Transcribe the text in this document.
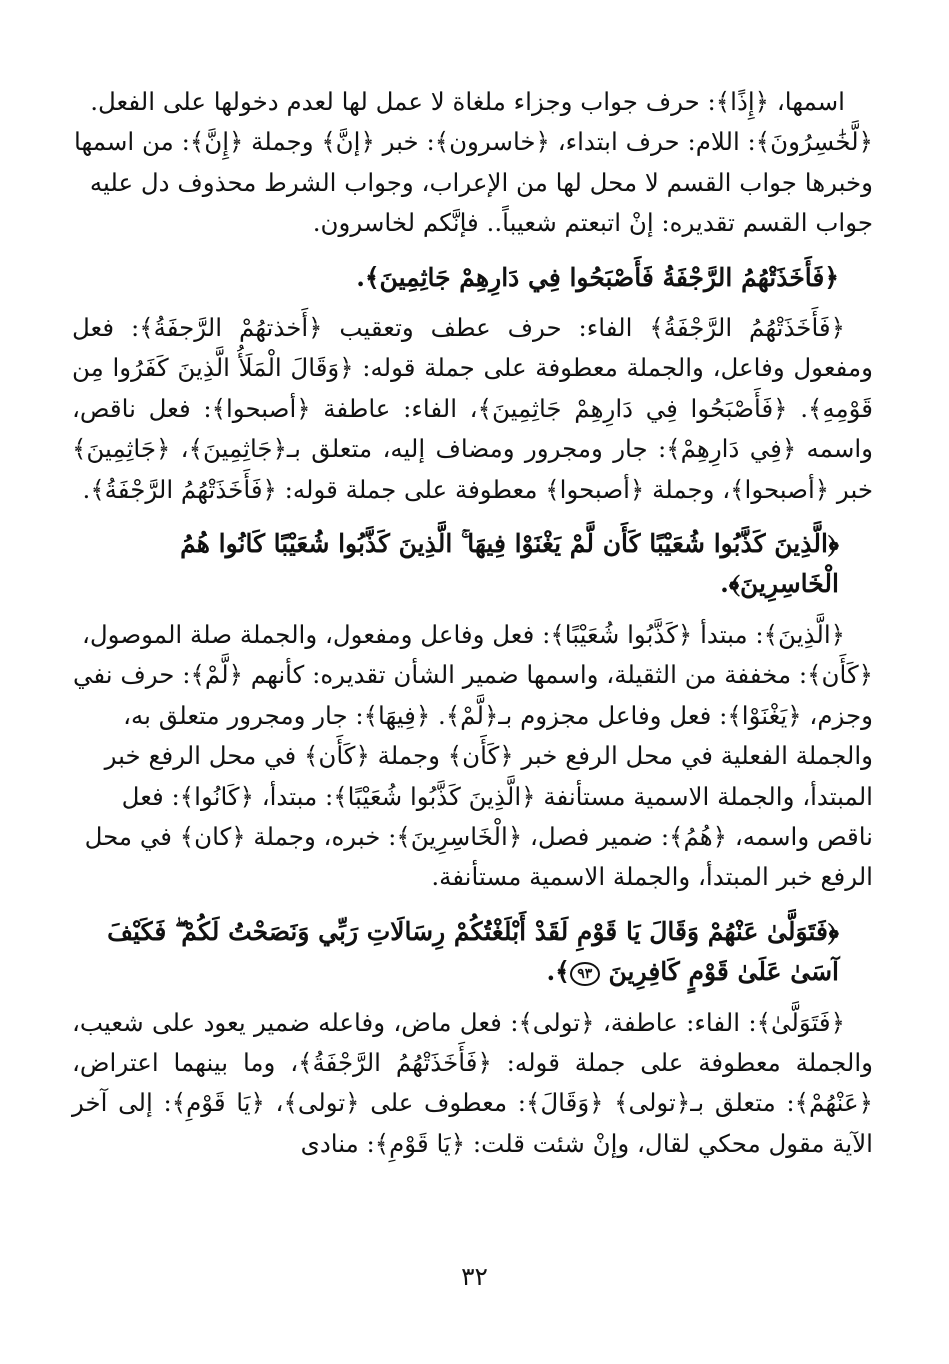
اسمها، ﴿إِذًا﴾: حرف جواب وجزاء ملغاة لا عمل لها لعدم دخولها على الفعل. ﴿لَّخَٰسِرُونَ﴾: اللام: حرف ابتداء، ﴿خاسرون﴾: خبر ﴿إنَّ﴾ وجملة ﴿إِنَّ﴾: من اسمها وخبرها جواب القسم لا محل لها من الإعراب، وجواب الشرط محذوف دل عليه جواب القسم تقديره: إنْ اتبعتم شعيباً.. فإنَّكم لخاسرون.

﴿فَأَخَذَتْهُمُ الرَّجْفَةُ فَأَصْبَحُوا فِي دَارِهِمْ جَاثِمِينَ﴾.

﴿فَأَخَذَتْهُمُ الرَّجْفَةُ﴾ الفاء: حرف عطف وتعقيب ﴿أَخذتهُمْ الرَّجفَةُ﴾: فعل ومفعول وفاعل، والجملة معطوفة على جملة قوله: ﴿وَقَالَ الْمَلَأُ الَّذِينَ كَفَرُوا مِن قَوْمِهِ﴾. ﴿فَأَصْبَحُوا فِي دَارِهِمْ جَاثِمِينَ﴾، الفاء: عاطفة ﴿أصبحوا﴾: فعل ناقص، واسمه ﴿فِي دَارِهِمْ﴾: جار ومجرور ومضاف إليه، متعلق بـ﴿جَاثِمِينَ﴾، ﴿جَاثِمِينَ﴾ خبر ﴿أصبحوا﴾، وجملة ﴿أصبحوا﴾ معطوفة على جملة قوله: ﴿فَأَخَذَتْهُمُ الرَّجْفَةُ﴾.

﴿الَّذِينَ كَذَّبُوا شُعَيْبًا كَأَن لَّمْ يَغْنَوْا فِيهَا ۚ الَّذِينَ كَذَّبُوا شُعَيْبًا كَانُوا هُمُ الْخَاسِرِينَ﴾.

﴿الَّذِينَ﴾: مبتدأ ﴿كَذَّبُوا شُعَيْبًا﴾: فعل وفاعل ومفعول، والجملة صلة الموصول، ﴿كَأَن﴾: مخففة من الثقيلة، واسمها ضمير الشأن تقديره: كأنهم ﴿لَّمْ﴾: حرف نفي وجزم، ﴿يَغْنَوْا﴾: فعل وفاعل مجزوم بـ﴿لَّمْ﴾. ﴿فِيهَا﴾: جار ومجرور متعلق به، والجملة الفعلية في محل الرفع خبر ﴿كَأَن﴾ وجملة ﴿كَأَن﴾ في محل الرفع خبر المبتدأ، والجملة الاسمية مستأنفة ﴿الَّذِينَ كَذَّبُوا شُعَيْبًا﴾: مبتدأ، ﴿كَانُوا﴾: فعل ناقص واسمه، ﴿هُمُ﴾: ضمير فصل، ﴿الْخَاسِرِينَ﴾: خبره، وجملة ﴿كان﴾ في محل الرفع خبر المبتدأ، والجملة الاسمية مستأنفة.

﴿فَتَوَلَّىٰ عَنْهُمْ وَقَالَ يَا قَوْمِ لَقَدْ أَبْلَغْتُكُمْ رِسَالَاتِ رَبِّي وَنَصَحْتُ لَكُمْ ۖ فَكَيْفَ آسَىٰ عَلَىٰ قَوْمٍ كَافِرِينَ ٩٣﴾.

﴿فَتَوَلَّىٰ﴾: الفاء: عاطفة، ﴿تولى﴾: فعل ماض، وفاعله ضمير يعود على شعيب، والجملة معطوفة على جملة قوله: ﴿فَأَخَذَتْهُمُ الرَّجْفَةُ﴾، وما بينهما اعتراض، ﴿عَنْهُمْ﴾: متعلق بـ﴿تولى﴾ ﴿وَقَالَ﴾: معطوف على ﴿تولى﴾، ﴿يَا قَوْمِ﴾: إلى آخر الآية مقول محكي لقال، وإنْ شئت قلت: ﴿يَا قَوْمِ﴾: منادى

٣٢
